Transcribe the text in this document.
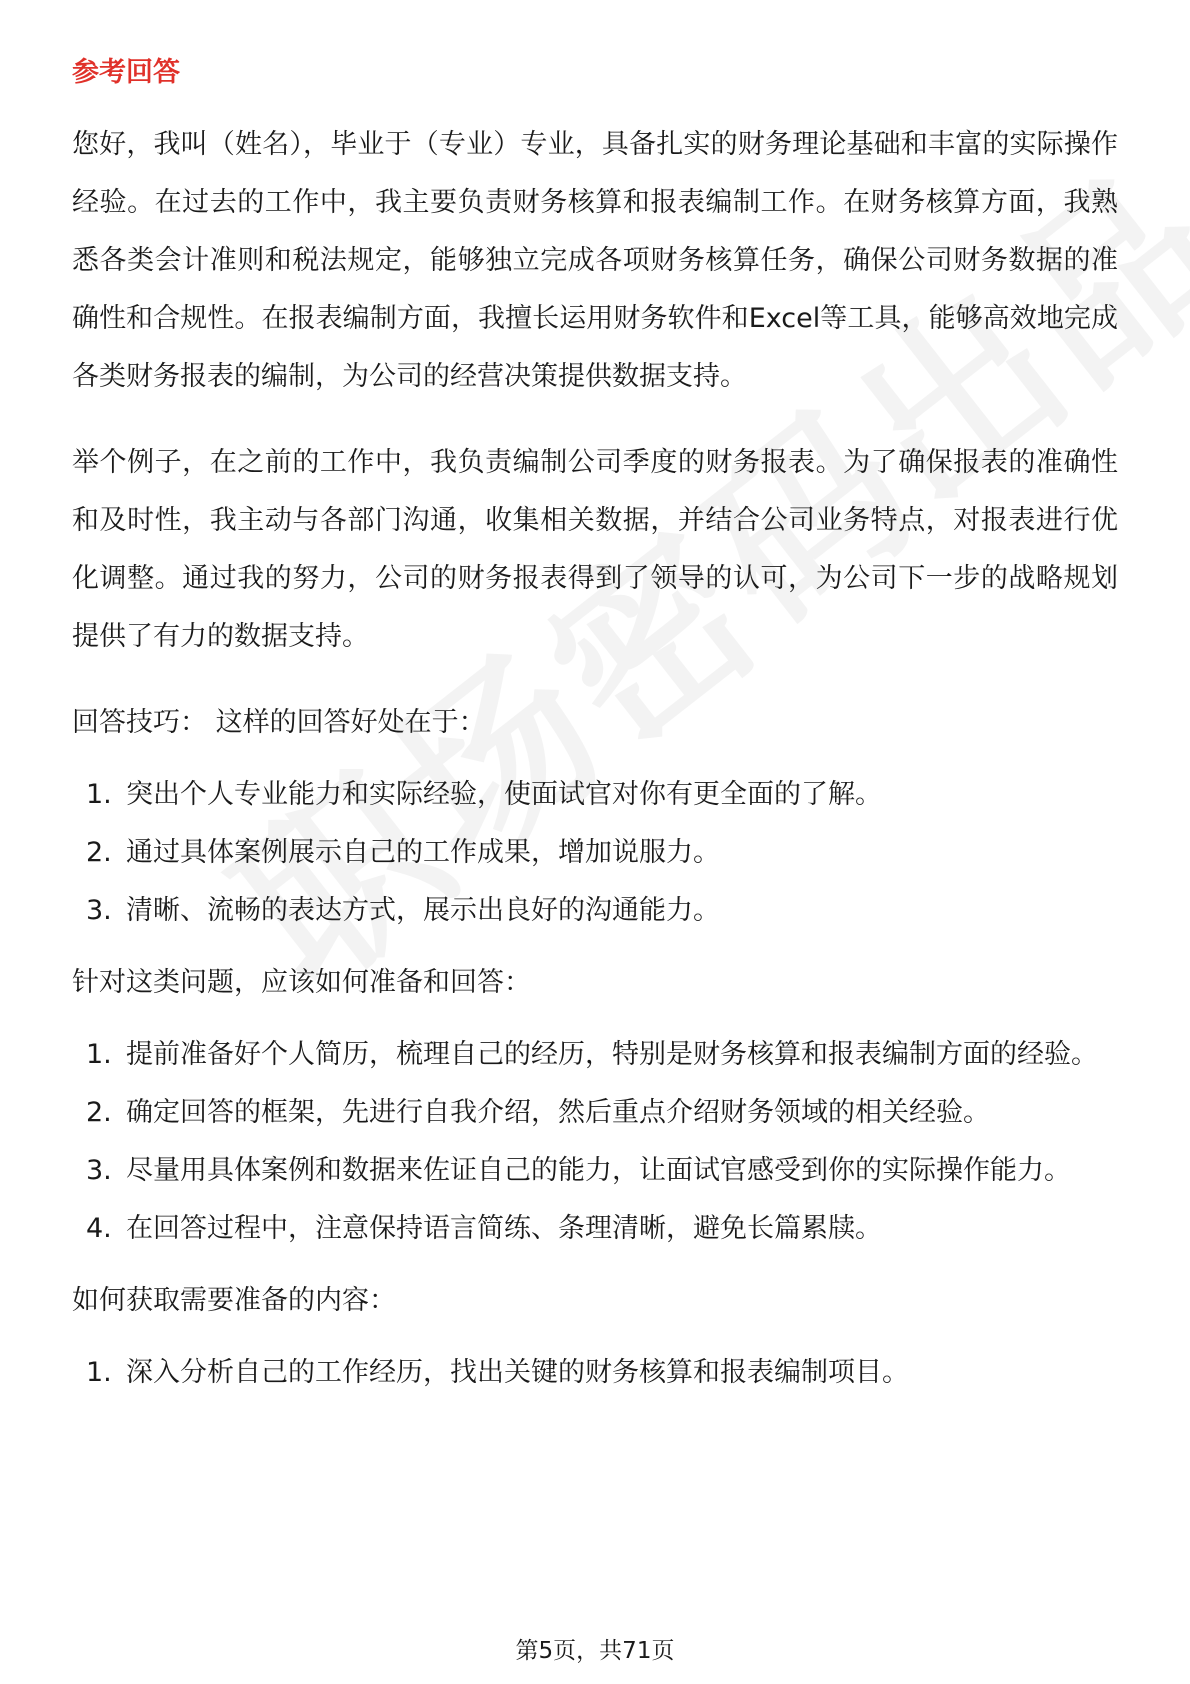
参考回答

您好，我叫（姓名），毕业于（专业）专业，具备扎实的财务理论基础和丰富的实际操作经验。在过去的工作中，我主要负责财务核算和报表编制工作。在财务核算方面，我熟悉各类会计准则和税法规定，能够独立完成各项财务核算任务，确保公司财务数据的准确性和合规性。在报表编制方面，我擅长运用财务软件和Excel等工具，能够高效地完成各类财务报表的编制，为公司的经营决策提供数据支持。

举个例子，在之前的工作中，我负责编制公司季度的财务报表。为了确保报表的准确性和及时性，我主动与各部门沟通，收集相关数据，并结合公司业务特点，对报表进行优化调整。通过我的努力，公司的财务报表得到了领导的认可，为公司下一步的战略规划提供了有力的数据支持。

回答技巧： 这样的回答好处在于：

1. 突出个人专业能力和实际经验，使面试官对你有更全面的了解。
2. 通过具体案例展示自己的工作成果，增加说服力。
3. 清晰、流畅的表达方式，展示出良好的沟通能力。

针对这类问题，应该如何准备和回答：

1. 提前准备好个人简历，梳理自己的经历，特别是财务核算和报表编制方面的经验。
2. 确定回答的框架，先进行自我介绍，然后重点介绍财务领域的相关经验。
3. 尽量用具体案例和数据来佐证自己的能力，让面试官感受到你的实际操作能力。
4. 在回答过程中，注意保持语言简练、条理清晰，避免长篇累牍。

如何获取需要准备的内容：

1. 深入分析自己的工作经历，找出关键的财务核算和报表编制项目。
第5页，共71页
